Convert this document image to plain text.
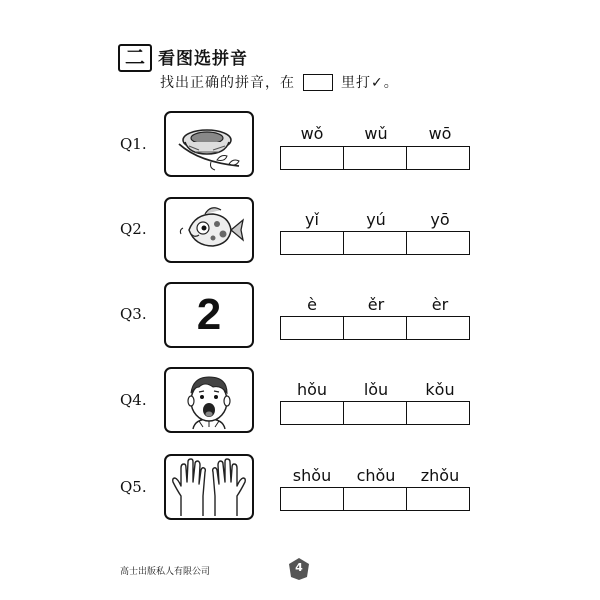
二 看图选拼音
找出正确的拼音，在	里打✓。
Q1.
wǒ	wǔ	wō
Q2.	yǐ	yú	yō
Q3. 2	è	ěr	èr
Q4.
hǒu	lǒu	kǒu
Q5.
shǒu	chǒu	zhǒu
高士出版私人有限公司	4
